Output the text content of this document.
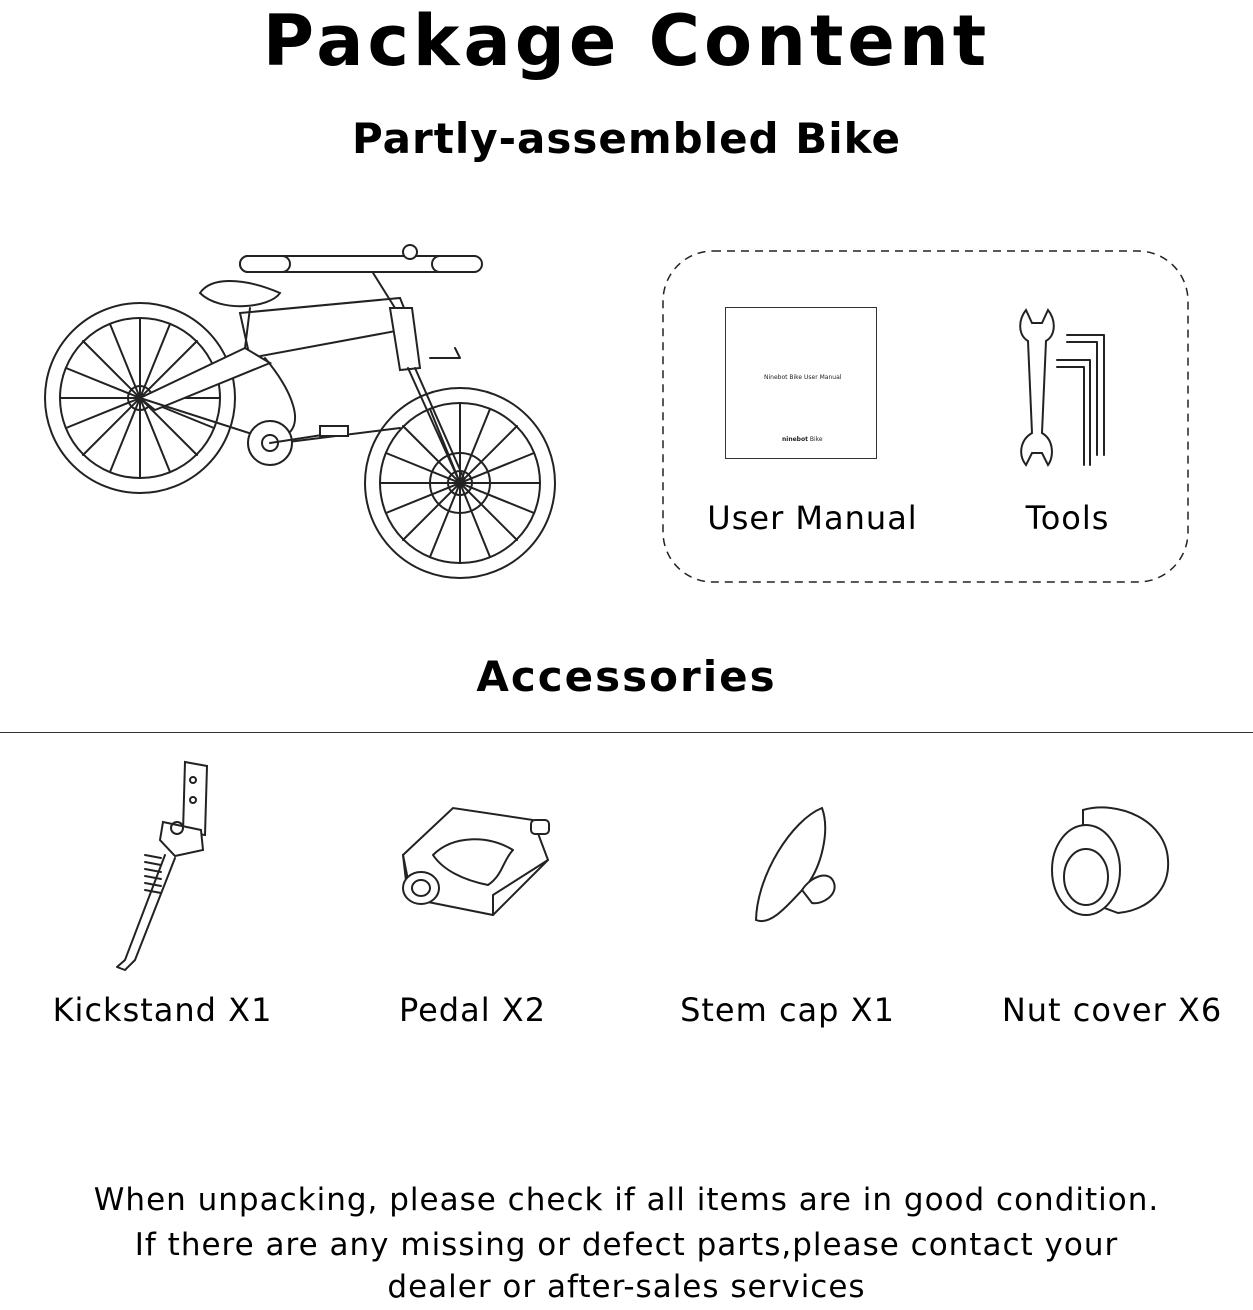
Package Content
Partly-assembled Bike
Ninebot Bike User Manual
ninebot Bike
User Manual	Tools
Accessories
Kickstand X1	Pedal X2	Stem cap X1	Nut cover X6
When unpacking, please check if all items are in good condition.
If there are any missing or defect parts,please contact your
dealer or after-sales services
